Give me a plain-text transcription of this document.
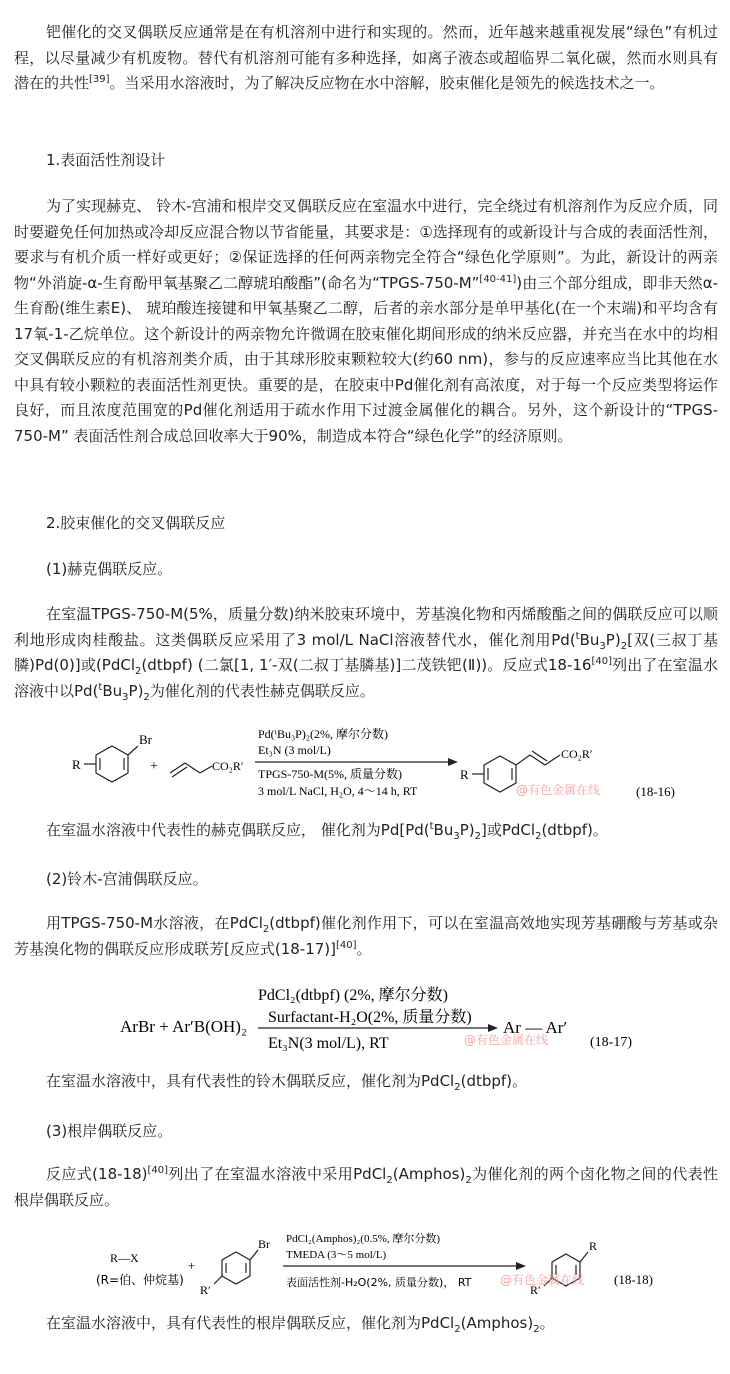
钯催化的交叉偶联反应通常是在有机溶剂中进行和实现的。然而，近年越来越重视发展“绿色”有机过程，以尽量减少有机废物。替代有机溶剂可能有多种选择，如离子液态或超临界二氧化碳，然而水则具有潜在的共性[39]。当采用水溶液时，为了解决反应物在水中溶解，胶束催化是领先的候选技术之一。

1.表面活性剂设计

为了实现赫克、 铃木-宫浦和根岸交叉偶联反应在室温水中进行，完全绕过有机溶剂作为反应介质，同时要避免任何加热或冷却反应混合物以节省能量，其要求是：①选择现有的或新设计与合成的表面活性剂，要求与有机介质一样好或更好；②保证选择的任何两亲物完全符合“绿色化学原则”。为此，新设计的两亲物“外消旋-α-生育酚甲氧基聚乙二醇琥珀酸酯”(命名为“TPGS-750-M”[40-41])由三个部分组成，即非天然α-生育酚(维生素E)、 琥珀酸连接键和甲氧基聚乙二醇，后者的亲水部分是单甲基化(在一个末端)和平均含有17氧-1-乙烷单位。这个新设计的两亲物允许微调在胶束催化期间形成的纳米反应器，并充当在水中的均相交叉偶联反应的有机溶剂类介质，由于其球形胶束颗粒较大(约60 nm)，参与的反应速率应当比其他在水中具有较小颗粒的表面活性剂更快。重要的是，在胶束中Pd催化剂有高浓度，对于每一个反应类型将运作良好，而且浓度范围宽的Pd催化剂适用于疏水作用下过渡金属催化的耦合。另外，这个新设计的“TPGS-750-M” 表面活性剂合成总回收率大于90%，制造成本符合“绿色化学”的经济原则。

2.胶束催化的交叉偶联反应

(1)赫克偶联反应。

在室温TPGS-750-M(5%，质量分数)纳米胶束环境中，芳基溴化物和丙烯酸酯之间的偶联反应可以顺利地形成肉桂酸盐。这类偶联反应采用了3 mol/L NaCl溶液替代水，催化剂用$Pd(^tBu_3P)_2$[双(三叔丁基膦)Pd(0)]或(PdCl$_2$(dtbpf) (二氯[1, 1′-双(二叔丁基膦基)]二茂铁钯(Ⅱ))。反应式18-16[40]列出了在室温水溶液中以$Pd(^tBu_3P)_2$为催化剂的代表性赫克偶联反应。

Br
R	+	CO₂R′
Pd(ᵗBu₃P)₂(2%, 摩尔分数)
Et₃N (3 mol/L)
TPGS-750-M(5%, 质量分数)
3 mol/L NaCl, H₂O, 4～14 h, RT
CO₂R′
R
@有色金属在线	(18-16)

在室温水溶液中代表性的赫克偶联反应， 催化剂为$Pd[Pd(^tBu_3P)_2]$或PdCl$_2$(dtbpf)。

(2)铃木-宫浦偶联反应。

用TPGS-750-M水溶液，在PdCl$_2$(dtbpf)催化剂作用下，可以在室温高效地实现芳基硼酸与芳基或杂芳基溴化物的偶联反应形成联芳[反应式(18-17)][40]。

ArBr + Ar′B(OH)₂
PdCl₂(dtbpf) (2%, 摩尔分数)
Surfactant-H₂O(2%, 质量分数)
Et₃N(3 mol/L), RT
Ar — Ar′
@有色金属在线	(18-17)

在室温水溶液中，具有代表性的铃木偶联反应，催化剂为PdCl$_2$(dtbpf)。

(3)根岸偶联反应。

反应式(18-18)[40]列出了在室温水溶液中采用$PdCl_2(Amphos)_2$为催化剂的两个卤化物之间的代表性根岸偶联反应。

R—X
(R=伯、仲烷基)
+
Br
R′
PdCl₂(Amphos)₂(0.5%, 摩尔分数)
TMEDA (3～5 mol/L)
表面活性剂-H₂O(2%, 质量分数)， RT
R
R′
@有色金属在线 (18-18)

在室温水溶液中，具有代表性的根岸偶联反应，催化剂为$PdCl_2(Amphos)_2$。
